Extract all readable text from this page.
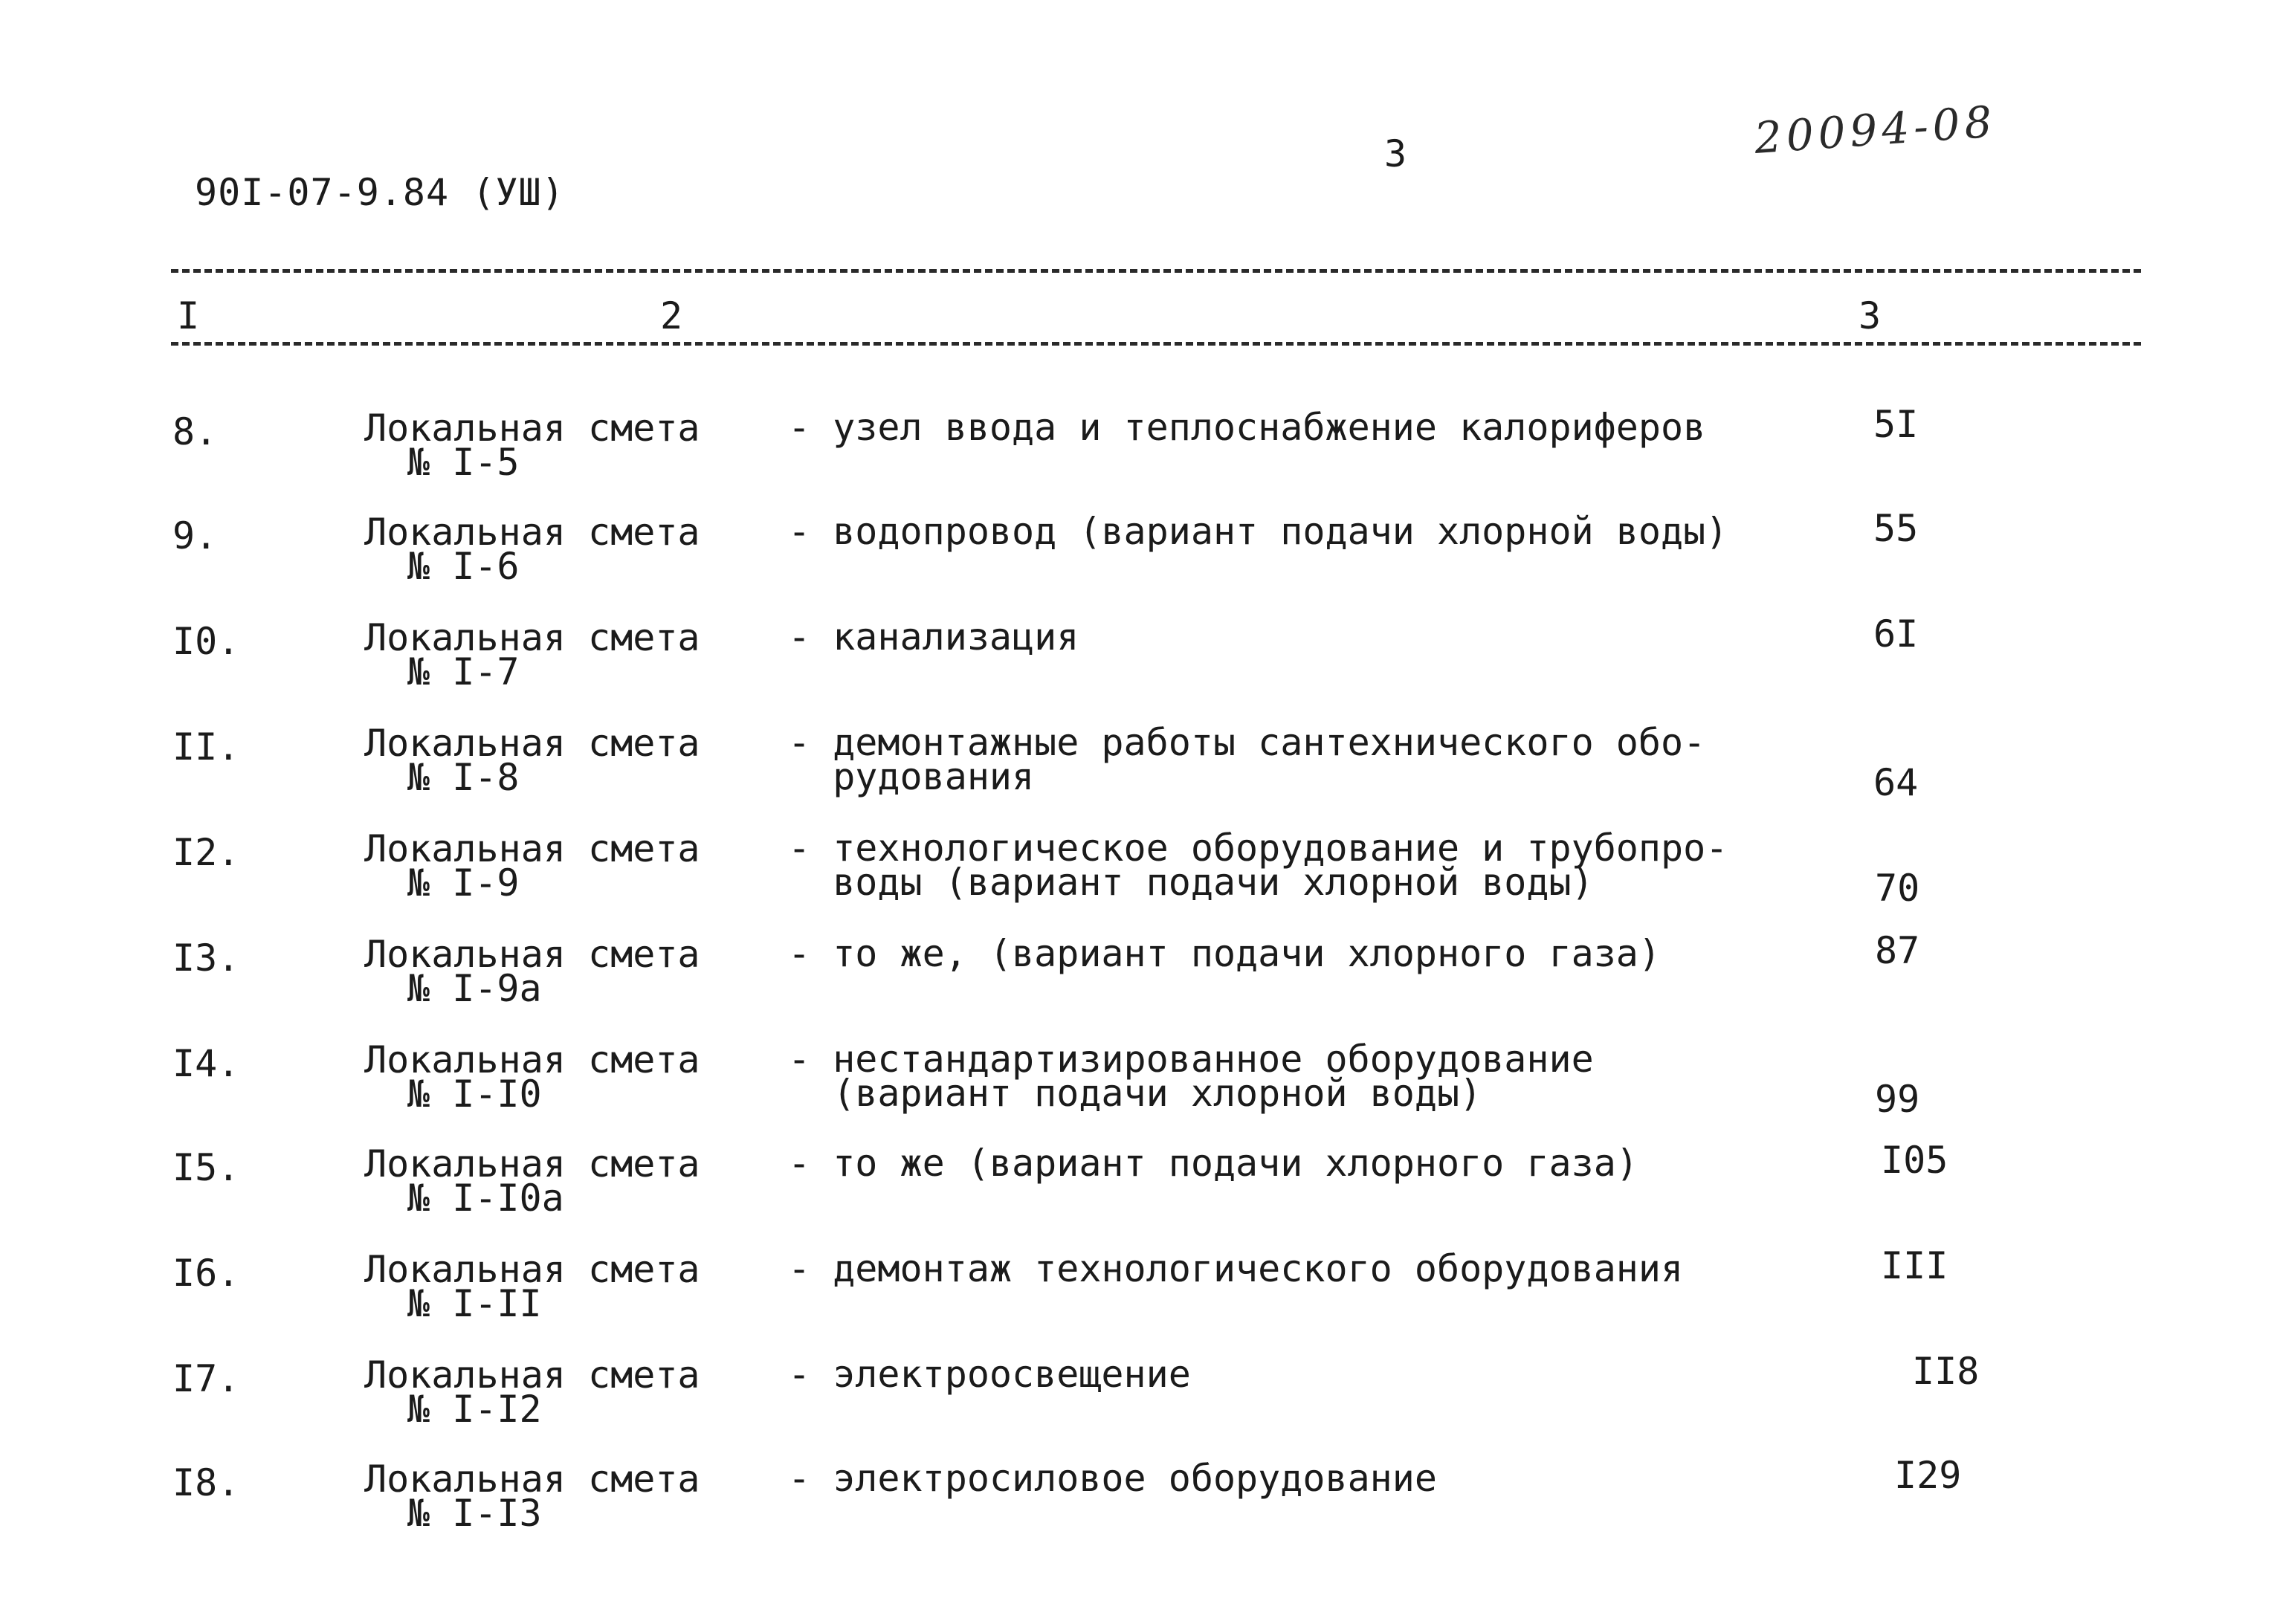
90I-07-9.84 (УШ)
3	20094-08
I	2	3
8.	Локальная смета
№ I-5
- узел ввода и теплоснабжение калориферов	5I
9.	Локальная смета
№ I-6
- водопровод (вариант подачи хлорной воды)	55
I0.	Локальная смета
№ I-7
- канализация	6I
II.	Локальная смета
№ I-8
- демонтажные работы сантехнического обо-
рудования	64
I2.	Локальная смета
№ I-9
- технологическое оборудование и трубопро-
воды (вариант подачи хлорной воды)	70
I3.	Локальная смета
№ I-9а
- то же, (вариант подачи хлорного газа)	87
I4.	Локальная смета
№ I-I0
- нестандартизированное оборудование
(вариант подачи хлорной воды)	99
I5.	Локальная смета
№ I-I0а
- то же (вариант подачи хлорного газа)	I05
I6.	Локальная смета
№ I-II
- демонтаж технологического оборудования	III
I7.	Локальная смета
№ I-I2
- электроосвещение	II8
I8.	Локальная смета
№ I-I3
- электросиловое оборудование	I29
